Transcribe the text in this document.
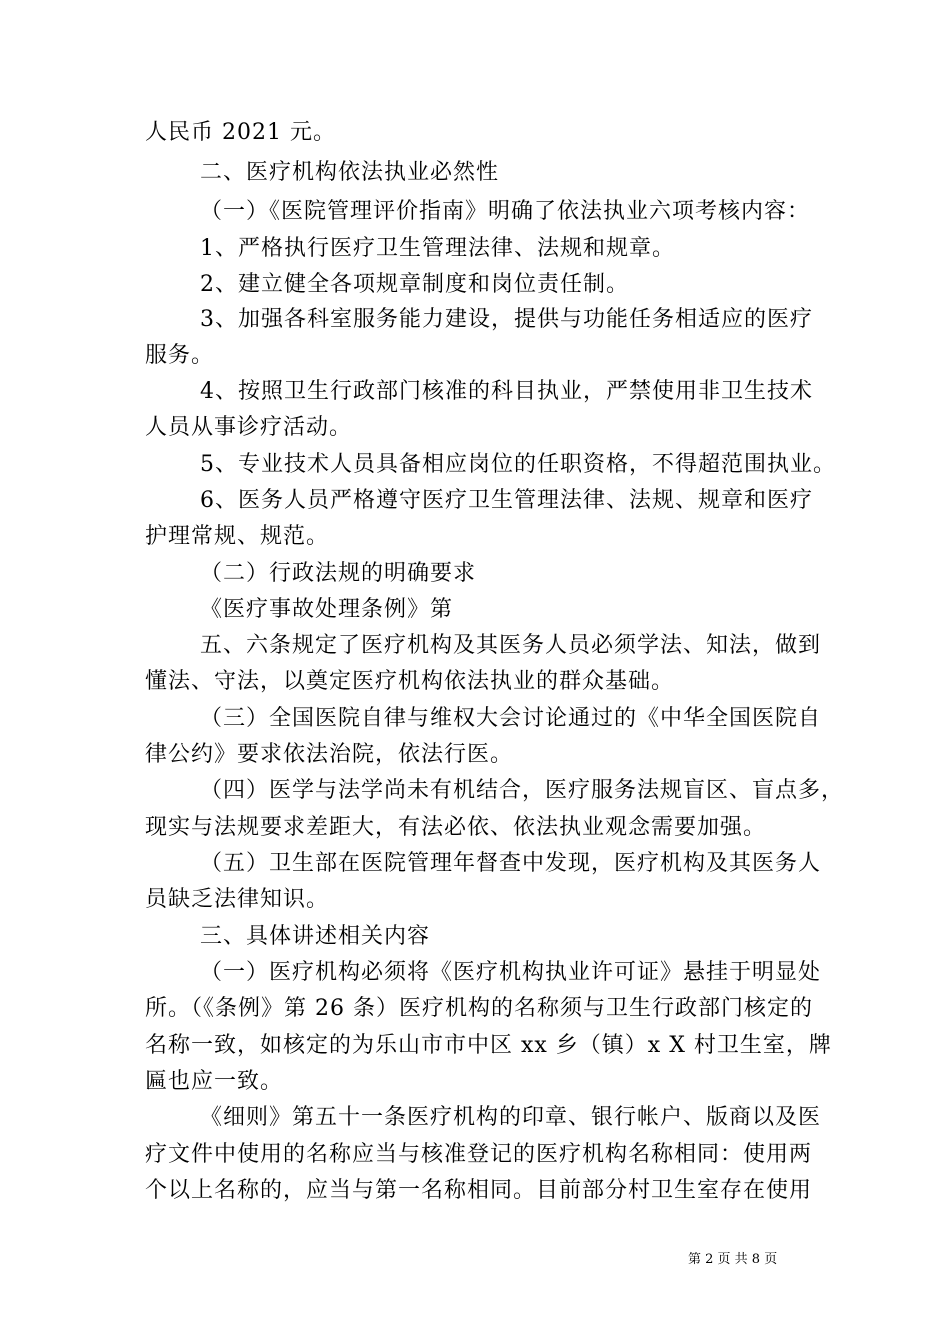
人民币 2021 元。
二、医疗机构依法执业必然性
（一）《医院管理评价指南》明确了依法执业六项考核内容：
1、严格执行医疗卫生管理法律、法规和规章。
2、建立健全各项规章制度和岗位责任制。
3、加强各科室服务能力建设，提供与功能任务相适应的医疗
服务。
4、按照卫生行政部门核准的科目执业，严禁使用非卫生技术
人员从事诊疗活动。
5、专业技术人员具备相应岗位的任职资格，不得超范围执业。
6、医务人员严格遵守医疗卫生管理法律、法规、规章和医疗
护理常规、规范。
（二）行政法规的明确要求
《医疗事故处理条例》第
五、六条规定了医疗机构及其医务人员必须学法、知法，做到
懂法、守法，以奠定医疗机构依法执业的群众基础。
（三）全国医院自律与维权大会讨论通过的《中华全国医院自
律公约》要求依法治院，依法行医。
（四）医学与法学尚未有机结合，医疗服务法规盲区、盲点多，
现实与法规要求差距大，有法必依、依法执业观念需要加强。
（五）卫生部在医院管理年督查中发现，医疗机构及其医务人
员缺乏法律知识。
三、具体讲述相关内容
（一）医疗机构必须将《医疗机构执业许可证》悬挂于明显处
所。（《条例》第 26 条）医疗机构的名称须与卫生行政部门核定的
名称一致，如核定的为乐山市市中区 xx 乡（镇）x X 村卫生室，牌
匾也应一致。
《细则》第五十一条医疗机构的印章、银行帐户、版商以及医
疗文件中使用的名称应当与核准登记的医疗机构名称相同：使用两
个以上名称的，应当与第一名称相同。目前部分村卫生室存在使用
第 2 页 共 8 页
